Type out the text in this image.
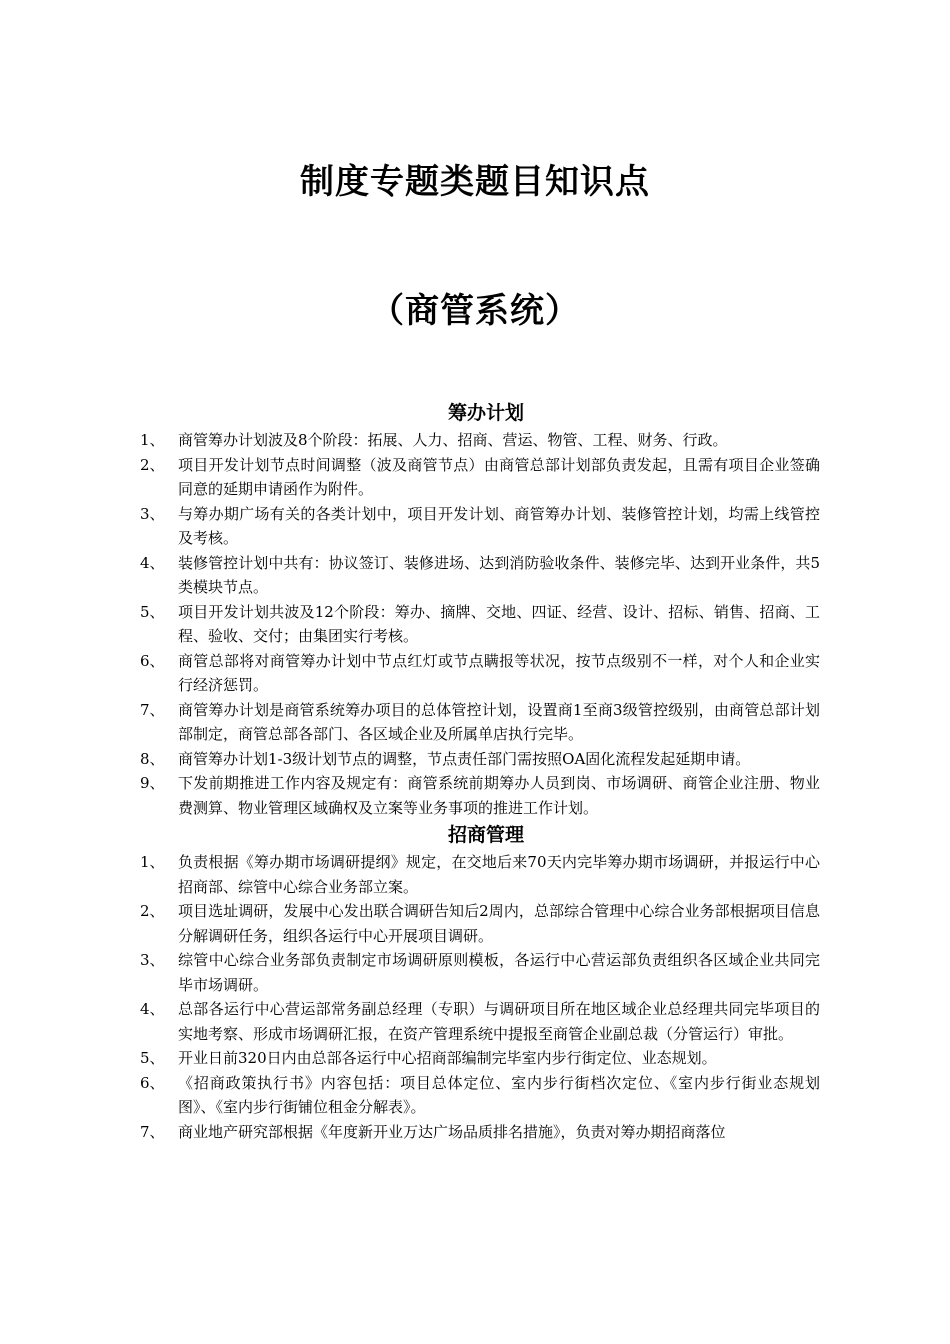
制度专题类题目知识点
（商管系统）
筹办计划
1、 商管筹办计划波及8个阶段：拓展、人力、招商、营运、物管、工程、财务、行政。
2、 项目开发计划节点时间调整（波及商管节点）由商管总部计划部负责发起，且需有项目企业签确同意的延期申请函作为附件。
3、 与筹办期广场有关的各类计划中，项目开发计划、商管筹办计划、装修管控计划，均需上线管控及考核。
4、 装修管控计划中共有：协议签订、装修进场、达到消防验收条件、装修完毕、达到开业条件，共5类模块节点。
5、 项目开发计划共波及12个阶段：筹办、摘牌、交地、四证、经营、设计、招标、销售、招商、工程、验收、交付；由集团实行考核。
6、 商管总部将对商管筹办计划中节点红灯或节点瞒报等状况，按节点级别不一样，对个人和企业实行经济惩罚。
7、 商管筹办计划是商管系统筹办项目的总体管控计划，设置商1至商3级管控级别，由商管总部计划部制定，商管总部各部门、各区域企业及所属单店执行完毕。
8、 商管筹办计划1-3级计划节点的调整，节点责任部门需按照OA固化流程发起延期申请。
9、 下发前期推进工作内容及规定有：商管系统前期筹办人员到岗、市场调研、商管企业注册、物业费测算、物业管理区域确权及立案等业务事项的推进工作计划。
招商管理
1、 负责根据《筹办期市场调研提纲》规定，在交地后来70天内完毕筹办期市场调研，并报运行中心招商部、综管中心综合业务部立案。
2、 项目选址调研，发展中心发出联合调研告知后2周内，总部综合管理中心综合业务部根据项目信息分解调研任务，组织各运行中心开展项目调研。
3、 综管中心综合业务部负责制定市场调研原则模板，各运行中心营运部负责组织各区域企业共同完毕市场调研。
4、 总部各运行中心营运部常务副总经理（专职）与调研项目所在地区域企业总经理共同完毕项目的实地考察、形成市场调研汇报，在资产管理系统中提报至商管企业副总裁（分管运行）审批。
5、 开业日前320日内由总部各运行中心招商部编制完毕室内步行街定位、业态规划。
6、 《招商政策执行书》内容包括：项目总体定位、室内步行街档次定位、《室内步行街业态规划图》、《室内步行街铺位租金分解表》。
7、 商业地产研究部根据《年度新开业万达广场品质排名措施》，负责对筹办期招商落位
